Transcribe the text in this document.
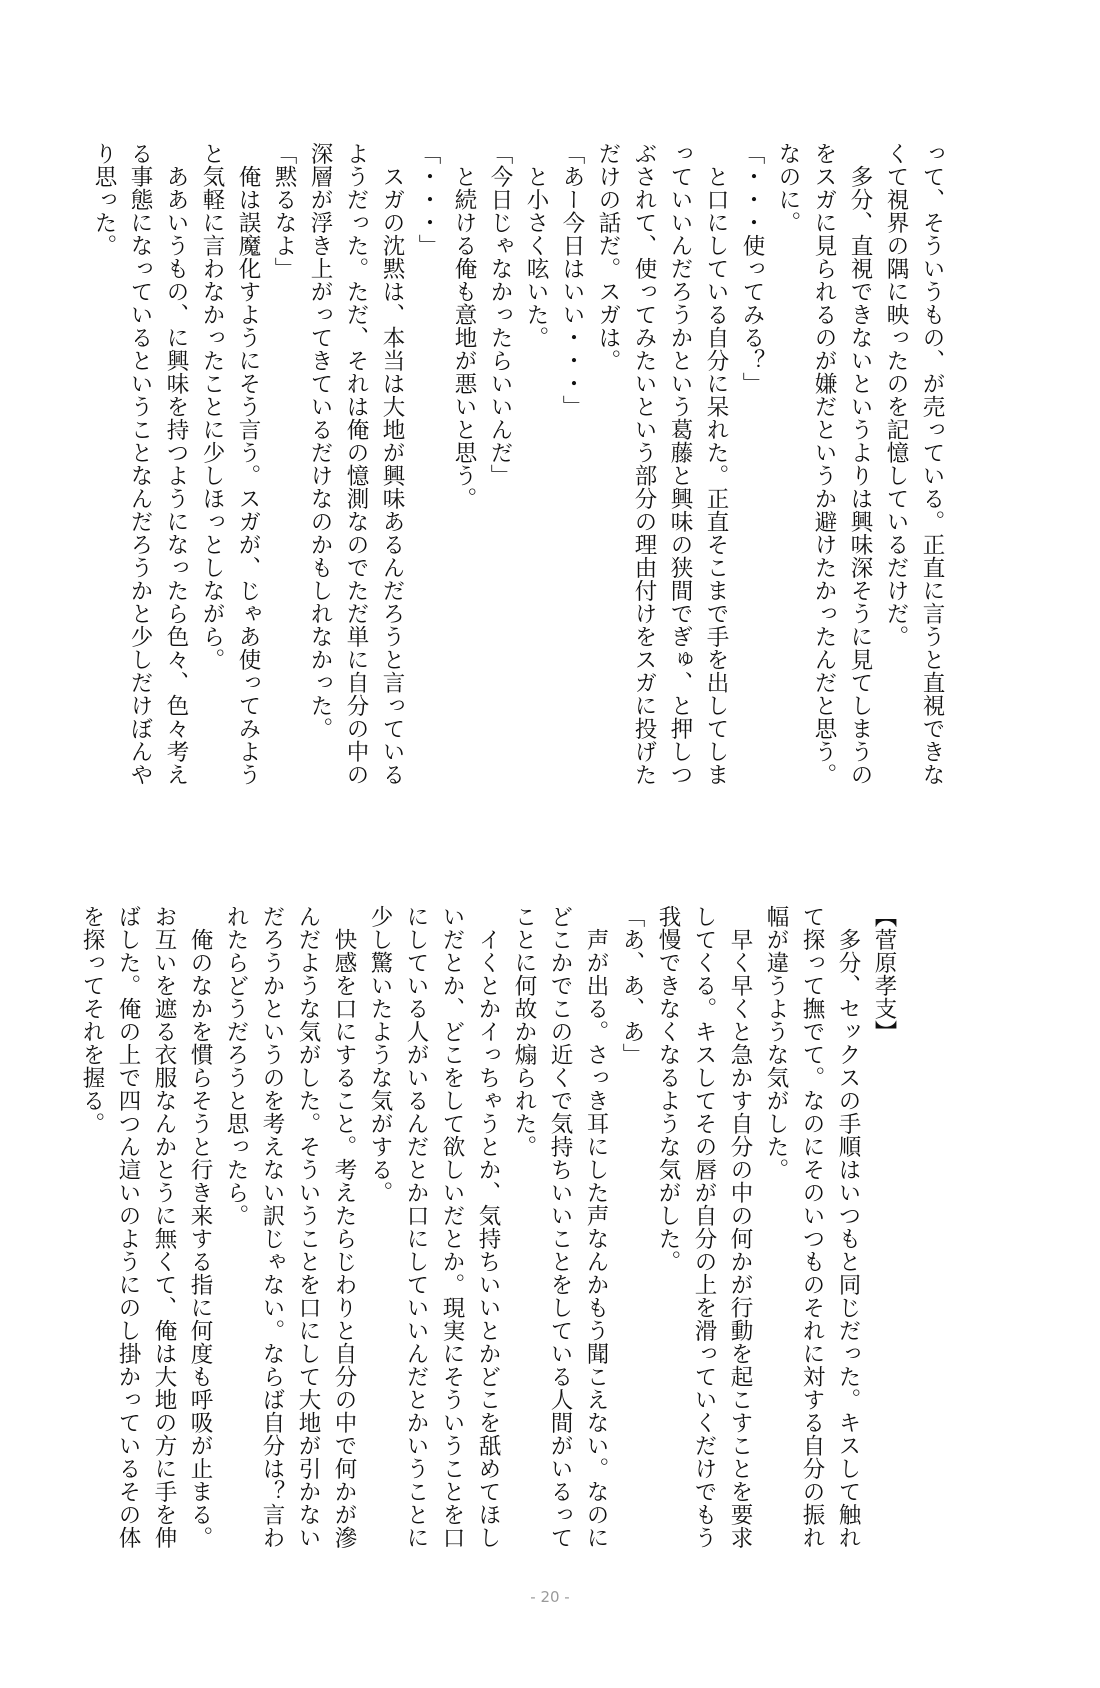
って、そういうもの、が売っている。正直に言うと直視できな

くて視界の隅に映ったのを記憶しているだけだ。

　多分、直視できないというよりは興味深そうに見てしまうの

をスガに見られるのが嫌だというか避けたかったんだと思う。

なのに。

「・・・使ってみる？」

　と口にしている自分に呆れた。正直そこまで手を出してしま

っていいんだろうかという葛藤と興味の狭間でぎゅ、と押しつ

ぶされて、使ってみたいという部分の理由付けをスガに投げた

だけの話だ。スガは。

「あー今日はいい・・・」

　と小さく呟いた。

「今日じゃなかったらいいんだ」

　と続ける俺も意地が悪いと思う。

「・・・」

　スガの沈黙は、本当は大地が興味あるんだろうと言っている

ようだった。ただ、それは俺の憶測なのでただ単に自分の中の

深層が浮き上がってきているだけなのかもしれなかった。

「黙るなよ」

　俺は誤魔化すようにそう言う。スガが、じゃあ使ってみよう

と気軽に言わなかったことに少しほっとしながら。

　ああいうもの、に興味を持つようになったら色々、色々考え

る事態になっているということなんだろうかと少しだけぼんや

り思った。

【菅原孝支】

　多分、セックスの手順はいつもと同じだった。キスして触れ

て探って撫でて。なのにそのいつものそれに対する自分の振れ

幅が違うような気がした。

　早く早くと急かす自分の中の何かが行動を起こすことを要求

してくる。キスしてその唇が自分の上を滑っていくだけでもう

我慢できなくなるような気がした。

「あ、あ、あ」

　声が出る。さっき耳にした声なんかもう聞こえない。なのに

どこかでこの近くで気持ちいいことをしている人間がいるって

ことに何故か煽られた。

　イくとかイっちゃうとか、気持ちいいとかどこを舐めてほし

いだとか、どこをして欲しいだとか。現実にそういうことを口

にしている人がいるんだとか口にしていいんだとかいうことに

少し驚いたような気がする。

　快感を口にすること。考えたらじわりと自分の中で何かが滲

んだような気がした。そういうことを口にして大地が引かない

だろうかというのを考えない訳じゃない。ならば自分は？言わ

れたらどうだろうと思ったら。

　俺のなかを慣らそうと行き来する指に何度も呼吸が止まる。

お互いを遮る衣服なんかとうに無くて、俺は大地の方に手を伸

ばした。俺の上で四つん這いのようにのし掛かっているその体

を探ってそれを握る。

- 20 -
